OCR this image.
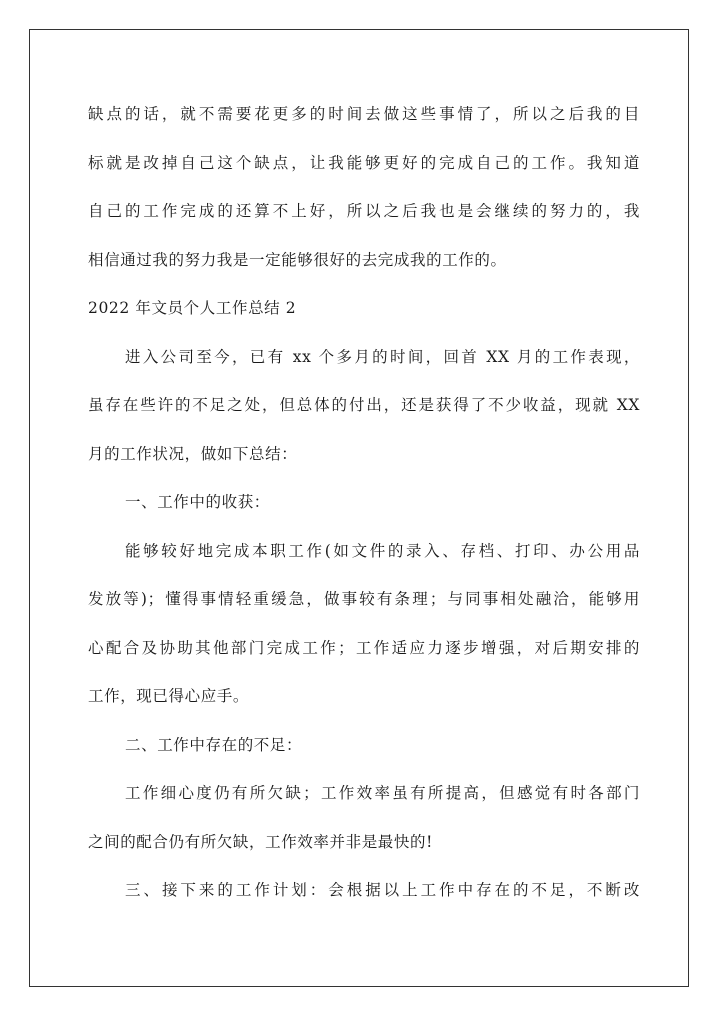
缺点的话，就不需要花更多的时间去做这些事情了，所以之后我的目
标就是改掉自己这个缺点，让我能够更好的完成自己的工作。我知道
自己的工作完成的还算不上好，所以之后我也是会继续的努力的，我
相信通过我的努力我是一定能够很好的去完成我的工作的。
2022 年文员个人工作总结 2
进入公司至今，已有 xx 个多月的时间，回首 XX 月的工作表现，
虽存在些许的不足之处，但总体的付出，还是获得了不少收益，现就 XX
月的工作状况，做如下总结：
一、工作中的收获：
能够较好地完成本职工作(如文件的录入、存档、打印、办公用品
发放等)；懂得事情轻重缓急，做事较有条理；与同事相处融洽，能够用
心配合及协助其他部门完成工作；工作适应力逐步增强，对后期安排的
工作，现已得心应手。
二、工作中存在的不足：
工作细心度仍有所欠缺；工作效率虽有所提高，但感觉有时各部门
之间的配合仍有所欠缺，工作效率并非是最快的!
三、接下来的工作计划：会根据以上工作中存在的不足，不断改
